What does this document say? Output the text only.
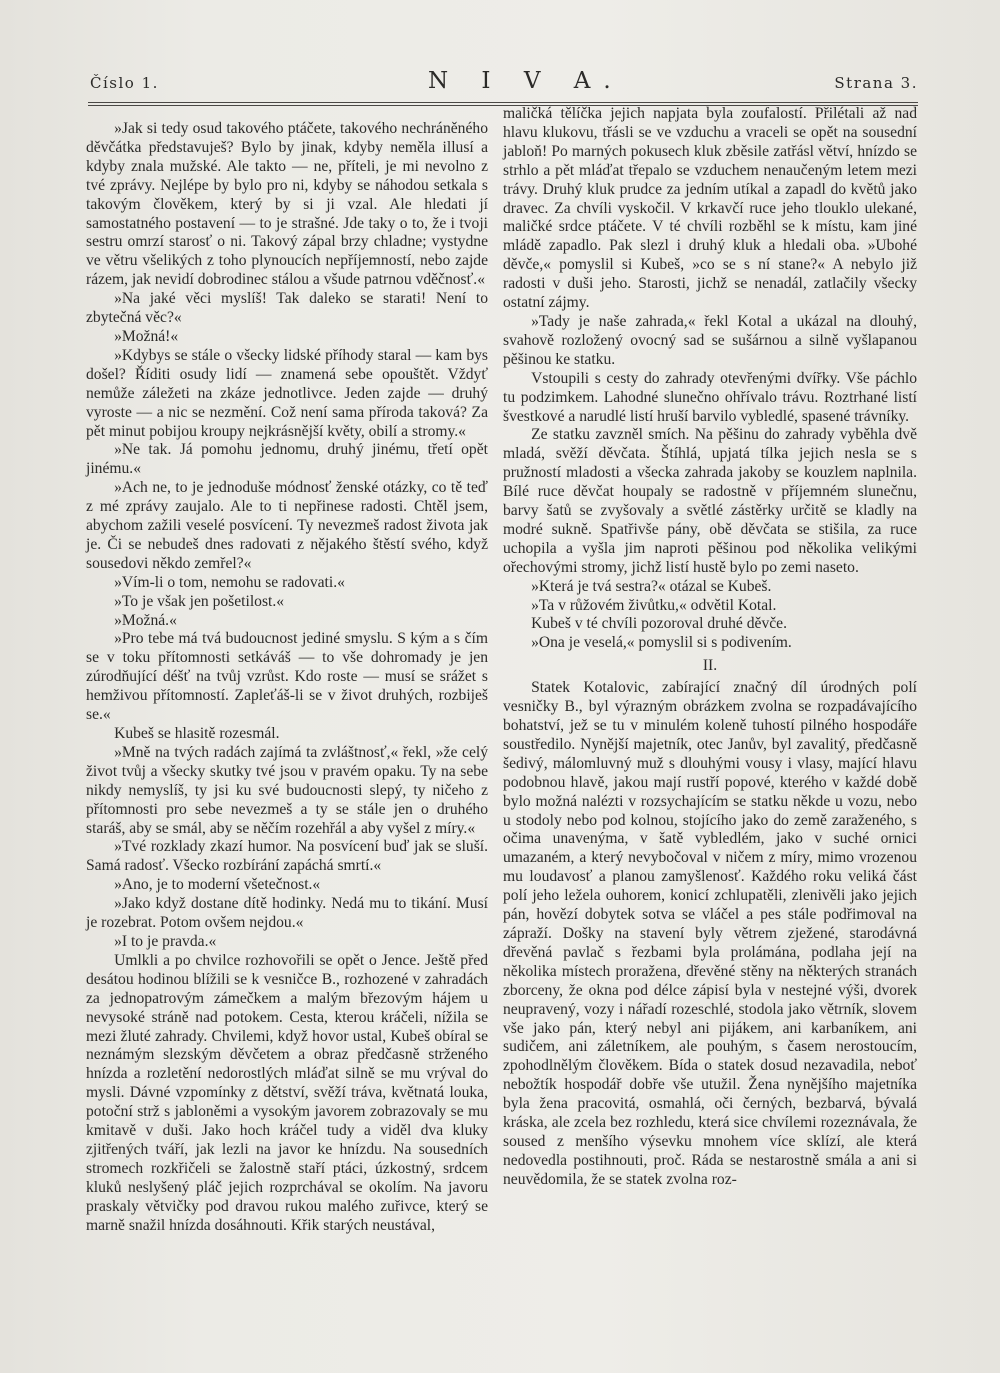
Číslo 1.	N I V A.	Strana 3.

»Jak si tedy osud takového ptáčete, takového nechráněného děvčátka představuješ? Bylo by jinak, kdyby neměla illusí a kdyby znala mužské. Ale takto — ne, příteli, je mi nevolno z tvé zprávy. Nejlépe by bylo pro ni, kdyby se náhodou setkala s takovým člověkem, který by si ji vzal. Ale hledati jí samostatného postavení — to je strašné. Jde taky o to, že i tvoji sestru omrzí starosť o ni. Takový zápal brzy chladne; vystydne ve větru všelikých z toho plynoucích nepříjemností, nebo zajde rázem, jak nevidí dobrodinec stálou a všude patrnou vděčnosť.«

»Na jaké věci myslíš! Tak daleko se starati! Není to zbytečná věc?«

»Možná!«

»Kdybys se stále o všecky lidské příhody staral — kam bys došel? Říditi osudy lidí — znamená sebe opouštět. Vždyť nemůže záležeti na zkáze jednotlivce. Jeden zajde — druhý vyroste — a nic se nezmění. Což není sama příroda taková? Za pět minut pobijou kroupy nejkrásnější květy, obilí a stromy.«

»Ne tak. Já pomohu jednomu, druhý jinému, třetí opět jinému.«

»Ach ne, to je jednoduše módnosť ženské otázky, co tě teď z mé zprávy zaujalo. Ale to ti nepřinese radosti. Chtěl jsem, abychom zažili veselé posvícení. Ty nevezmeš radost života jak je. Či se nebudeš dnes radovati z nějakého štěstí svého, když sousedovi někdo zemřel?«

»Vím-li o tom, nemohu se radovati.«

»To je však jen pošetilost.«

»Možná.«

»Pro tebe má tvá budoucnost jediné smyslu. S kým a s čím se v toku přítomnosti setkáváš — to vše dohromady je jen zúrodňující déšť na tvůj vzrůst. Kdo roste — musí se srážet s hemživou přítomností. Zapleťáš-li se v život druhých, rozbiješ se.«

Kubeš se hlasitě rozesmál.

»Mně na tvých radách zajímá ta zvláštnosť,« řekl, »že celý život tvůj a všecky skutky tvé jsou v pravém opaku. Ty na sebe nikdy nemyslíš, ty jsi ku své budoucnosti slepý, ty ničeho z přítomnosti pro sebe nevezmeš a ty se stále jen o druhého staráš, aby se smál, aby se něčím rozehřál a aby vyšel z míry.«

»Tvé rozklady zkazí humor. Na posvícení buď jak se sluší. Samá radosť. Všecko rozbírání zapáchá smrtí.«

»Ano, je to moderní všetečnost.«

»Jako když dostane dítě hodinky. Nedá mu to tikání. Musí je rozebrat. Potom ovšem nejdou.«

»I to je pravda.«

Umlkli a po chvilce rozhovořili se opět o Jence. Ještě před desátou hodinou blížili se k vesničce B., rozhozené v zahradách za jednopatrovým zámečkem a malým březovým hájem u nevysoké stráně nad potokem. Cesta, kterou kráčeli, nížila se mezi žluté zahrady. Chvilemi, když hovor ustal, Kubeš obíral se neznámým slezským děvčetem a obraz předčasně strženého hnízda a rozletění nedorostlých mláďat silně se mu vrýval do mysli. Dávné vzpomínky z dětství, svěží tráva, květnatá louka, potoční strž s jabloněmi a vysokým javorem zobrazovaly se mu kmitavě v duši. Jako hoch kráčel tudy a viděl dva kluky zjitřených tváří, jak lezli na javor ke hnízdu. Na sousedních stromech rozkřičeli se žalostně staří ptáci, úzkostný, srdcem kluků neslyšený pláč jejich rozprchával se okolím. Na javoru praskaly větvičky pod dravou rukou malého zuřivce, který se marně snažil hnízda dosáhnouti. Křik starých neustával,

maličká tělíčka jejich napjata byla zoufalostí. Přilétali až nad hlavu klukovu, třásli se ve vzduchu a vraceli se opět na sousední jabloň! Po marných pokusech kluk zběsile zatřásl větví, hnízdo se strhlo a pět mláďat třepalo se vzduchem nenaučeným letem mezi trávy. Druhý kluk prudce za jedním utíkal a zapadl do květů jako dravec. Za chvíli vyskočil. V krkavčí ruce jeho tlouklo ulekané, maličké srdce ptáčete. V té chvíli rozběhl se k místu, kam jiné mládě zapadlo. Pak slezl i druhý kluk a hledali oba. »Ubohé děvče,« pomyslil si Kubeš, »co se s ní stane?« A nebylo již radosti v duši jeho. Starosti, jichž se nenadál, zatlačily všecky ostatní zájmy.

»Tady je naše zahrada,« řekl Kotal a ukázal na dlouhý, svahově rozložený ovocný sad se sušárnou a silně vyšlapanou pěšinou ke statku.

Vstoupili s cesty do zahrady otevřenými dvířky. Vše páchlo tu podzimkem. Lahodné slunečno ohřívalo trávu. Roztrhané listí švestkové a narudlé listí hruší barvilo vybledlé, spasené trávníky.

Ze statku zavzněl smích. Na pěšinu do zahrady vyběhla dvě mladá, svěží děvčata. Štíhlá, upjatá tílka jejich nesla se s pružností mladosti a všecka zahrada jakoby se kouzlem naplnila. Bílé ruce děvčat houpaly se radostně v příjemném slunečnu, barvy šatů se zvyšovaly a světlé zástěrky určitě se kladly na modré sukně. Spatřivše pány, obě děvčata se stišila, za ruce uchopila a vyšla jim naproti pěšinou pod několika velikými ořechovými stromy, jichž listí hustě bylo po zemi naseto.

»Která je tvá sestra?« otázal se Kubeš.

»Ta v růžovém živůtku,« odvětil Kotal.

Kubeš v té chvíli pozoroval druhé děvče.

»Ona je veselá,« pomyslil si s podivením.

II.

Statek Kotalovic, zabírající značný díl úrodných polí vesničky B., byl výrazným obrázkem zvolna se rozpadávajícího bohatství, jež se tu v minulém koleně tuhostí pilného hospodáře soustředilo. Nynější majetník, otec Janův, byl zavalitý, předčasně šedivý, málomluvný muž s dlouhými vousy i vlasy, mající hlavu podobnou hlavě, jakou mají rustří popové, kterého v každé době bylo možná nalézti v rozsychajícím se statku někde u vozu, nebo u stodoly nebo pod kolnou, stojícího jako do země zaraženého, s očima unavenýma, v šatě vybledlém, jako v suché ornici umazaném, a který nevybočoval v ničem z míry, mimo vrozenou mu loudavosť a planou zamyšlenosť. Každého roku veliká část polí jeho ležela ouhorem, konicí zchlupatěli, zlenivěli jako jejich pán, hovězí dobytek sotva se vláčel a pes stále podřimoval na zápraží. Došky na stavení byly větrem zježené, starodávná dřevěná pavlač s řezbami byla prolámána, podlaha její na několika místech proražena, dřevěné stěny na některých stranách zborceny, že okna pod délce zápisí byla v nestejné výši, dvorek neupravený, vozy i nářadí rozeschlé, stodola jako větrník, slovem vše jako pán, který nebyl ani pijákem, ani karbaníkem, ani sudičem, ani záletníkem, ale pouhým, s časem nerostoucím, zpohodlnělým člověkem. Bída o statek dosud nezavadila, neboť nebožtík hospodář dobře vše utužil. Žena nynějšího majetníka byla žena pracovitá, osmahlá, oči černých, bezbarvá, bývalá kráska, ale zcela bez rozhledu, která sice chvílemi rozeznávala, že soused z menšího výsevku mnohem více sklízí, ale která nedovedla postihnouti, proč. Ráda se nestarostně smála a ani si neuvědomila, že se statek zvolna roz-
